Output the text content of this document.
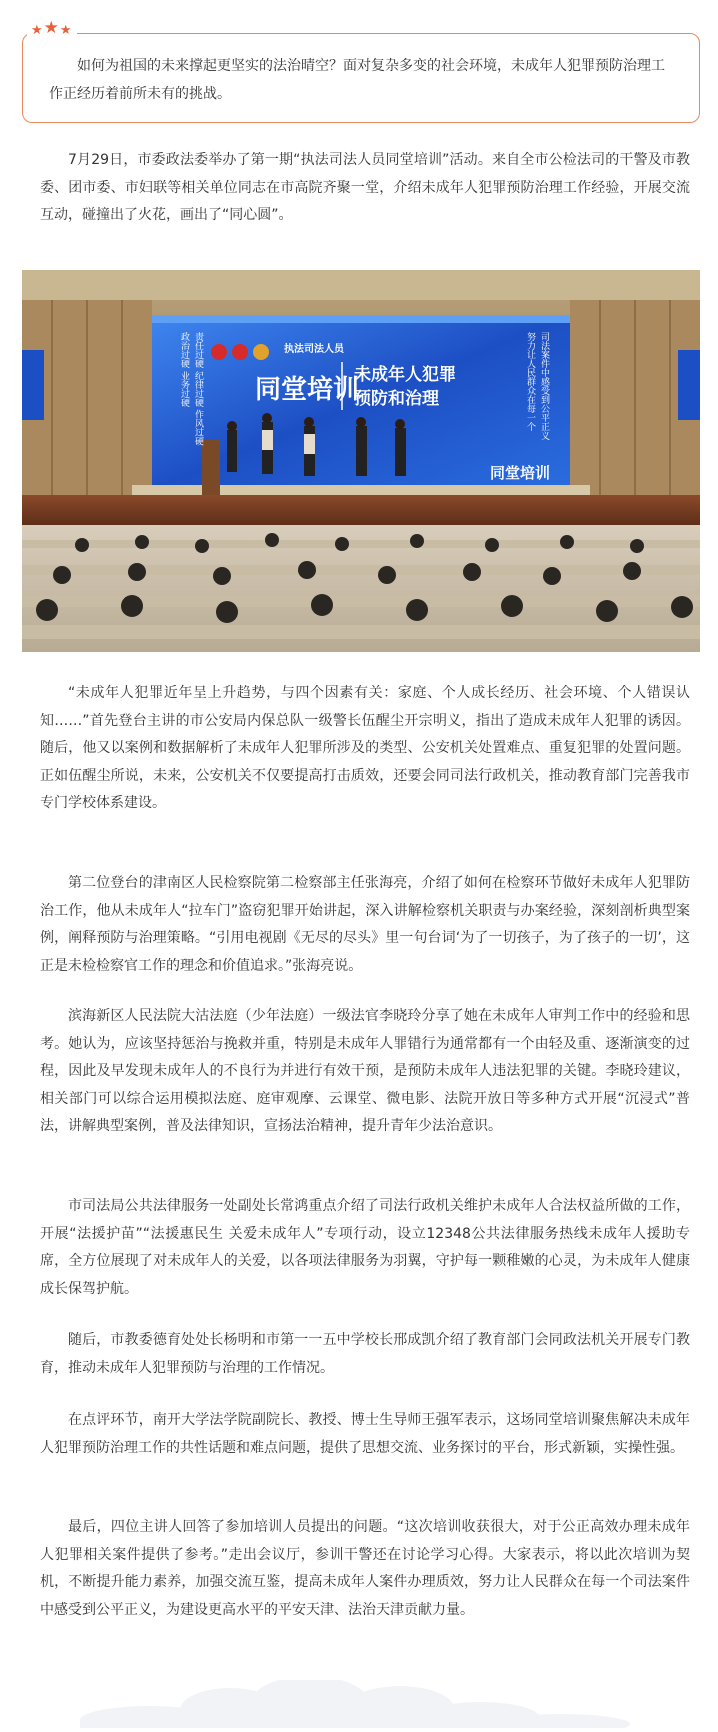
★ ★ ★

如何为祖国的未来撑起更坚实的法治晴空？面对复杂多变的社会环境，未成年人犯罪预防治理工作正经历着前所未有的挑战。

7月29日，市委政法委举办了第一期“执法司法人员同堂培训”活动。来自全市公检法司的干警及市教委、团市委、市妇联等相关单位同志在市高院齐聚一堂，介绍未成年人犯罪预防治理工作经验，开展交流互动，碰撞出了火花，画出了“同心圆”。

执法司法人员
同堂培训
未成年人犯罪
预防和治理
政治过硬 业务过硬 责任过硬 纪律过硬 作风过硬	努力让人民群众在每一个 司法案件中感受到公平正义
同堂培训

“未成年人犯罪近年呈上升趋势，与四个因素有关：家庭、个人成长经历、社会环境、个人错误认知……”首先登台主讲的市公安局内保总队一级警长伍醒尘开宗明义，指出了造成未成年人犯罪的诱因。随后，他又以案例和数据解析了未成年人犯罪所涉及的类型、公安机关处置难点、重复犯罪的处置问题。正如伍醒尘所说，未来，公安机关不仅要提高打击质效，还要会同司法行政机关，推动教育部门完善我市专门学校体系建设。

第二位登台的津南区人民检察院第二检察部主任张海亮，介绍了如何在检察环节做好未成年人犯罪防治工作，他从未成年人“拉车门”盗窃犯罪开始讲起，深入讲解检察机关职责与办案经验，深刻剖析典型案例，阐释预防与治理策略。“引用电视剧《无尽的尽头》里一句台词‘为了一切孩子，为了孩子的一切’，这正是未检检察官工作的理念和价值追求。”张海亮说。

滨海新区人民法院大沽法庭（少年法庭）一级法官李晓玲分享了她在未成年人审判工作中的经验和思考。她认为，应该坚持惩治与挽救并重，特别是未成年人罪错行为通常都有一个由轻及重、逐渐演变的过程，因此及早发现未成年人的不良行为并进行有效干预，是预防未成年人违法犯罪的关键。李晓玲建议，相关部门可以综合运用模拟法庭、庭审观摩、云课堂、微电影、法院开放日等多种方式开展“沉浸式”普法，讲解典型案例，普及法律知识，宣扬法治精神，提升青年少法治意识。

市司法局公共法律服务一处副处长常鸿重点介绍了司法行政机关维护未成年人合法权益所做的工作，开展“法援护苗”“法援惠民生 关爱未成年人”专项行动，设立12348公共法律服务热线未成年人援助专席，全方位展现了对未成年人的关爱，以各项法律服务为羽翼，守护每一颗稚嫩的心灵，为未成年人健康成长保驾护航。

随后，市教委德育处处长杨明和市第一一五中学校长邢成凯介绍了教育部门会同政法机关开展专门教育，推动未成年人犯罪预防与治理的工作情况。

在点评环节，南开大学法学院副院长、教授、博士生导师王强军表示，这场同堂培训聚焦解决未成年人犯罪预防治理工作的共性话题和难点问题，提供了思想交流、业务探讨的平台，形式新颖，实操性强。

最后，四位主讲人回答了参加培训人员提出的问题。“这次培训收获很大，对于公正高效办理未成年人犯罪相关案件提供了参考。”走出会议厅，参训干警还在讨论学习心得。大家表示，将以此次培训为契机，不断提升能力素养，加强交流互鉴，提高未成年人案件办理质效，努力让人民群众在每一个司法案件中感受到公平正义，为建设更高水平的平安天津、法治天津贡献力量。
